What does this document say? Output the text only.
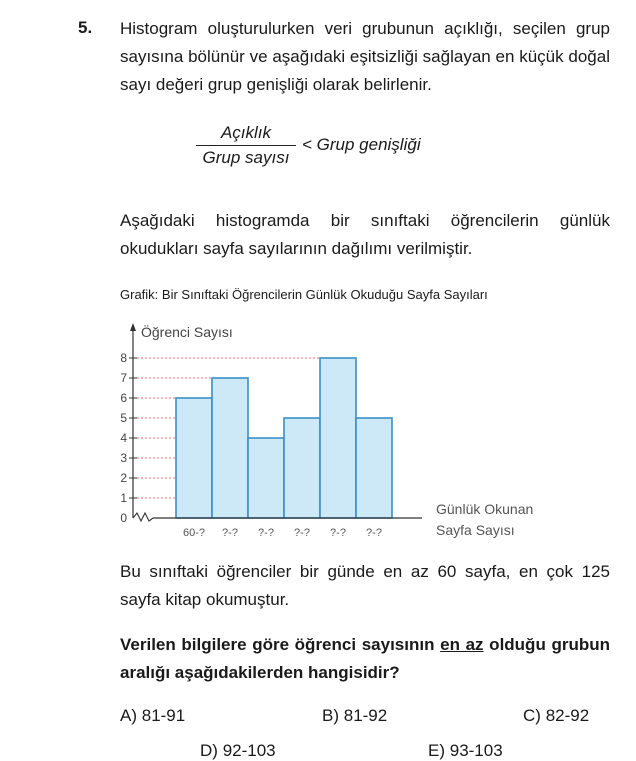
5. Histogram oluşturulurken veri grubunun açıklığı, seçilen grup sayısına bölünür ve aşağıdaki eşitsizliği sağlayan en küçük doğal sayı değeri grup genişliği olarak belirlenir.
Açıklık
Grup sayısı
< Grup genişliği
Aşağıdaki histogramda bir sınıftaki öğrencilerin günlük okudukları sayfa sayılarının dağılımı verilmiştir.
Grafik: Bir Sınıftaki Öğrencilerin Günlük Okuduğu Sayfa Sayıları
0
1
2
3
4
5
6
7
8
Öğrenci Sayısı
60-? ?-? ?-? ?-? ?-? ?-?
Günlük Okunan
Sayfa Sayısı
Bu sınıftaki öğrenciler bir günde en az 60 sayfa, en çok 125 sayfa kitap okumuştur.
Verilen bilgilere göre öğrenci sayısının en az olduğu grubun aralığı aşağıdakilerden hangisidir?
A) 81-91	B) 81-92	C) 82-92
D) 92-103	E) 93-103
